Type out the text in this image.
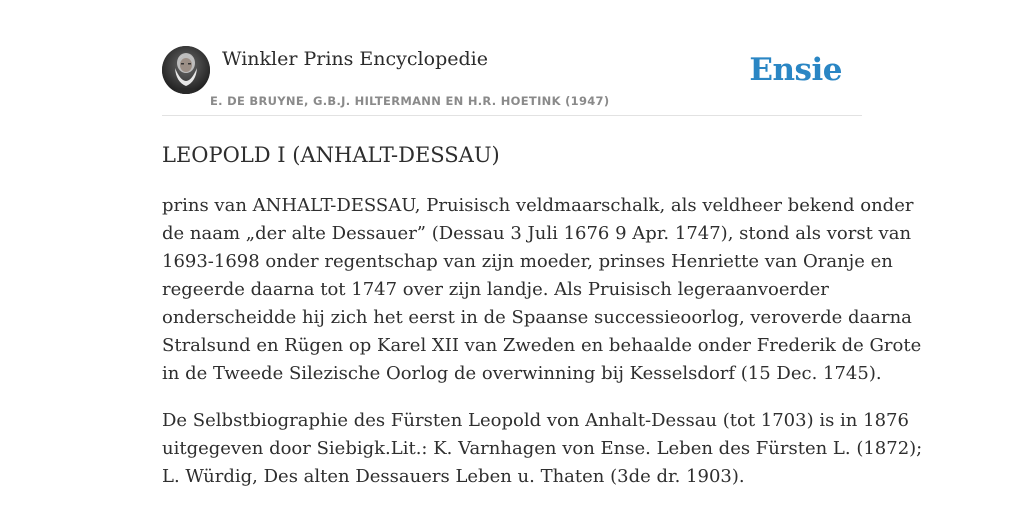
Winkler Prins Encyclopedie
E. DE BRUYNE, G.B.J. HILTERMANN EN H.R. HOETINK (1947)
Ensie
LEOPOLD I (ANHALT-DESSAU)

prins van ANHALT-DESSAU, Pruisisch veldmaarschalk, als veldheer bekend onder
de naam „der alte Dessauer” (Dessau 3 Juli 1676 9 Apr. 1747), stond als vorst van
1693-1698 onder regentschap van zijn moeder, prinses Henriette van Oranje en
regeerde daarna tot 1747 over zijn landje. Als Pruisisch legeraanvoerder
onderscheidde hij zich het eerst in de Spaanse successieoorlog, veroverde daarna
Stralsund en Rügen op Karel XII van Zweden en behaalde onder Frederik de Grote
in de Tweede Silezische Oorlog de overwinning bij Kesselsdorf (15 Dec. 1745).

De Selbstbiographie des Fürsten Leopold von Anhalt-Dessau (tot 1703) is in 1876
uitgegeven door Siebigk.Lit.: K. Varnhagen von Ense. Leben des Fürsten L. (1872);
L. Würdig, Des alten Dessauers Leben u. Thaten (3de dr. 1903).
